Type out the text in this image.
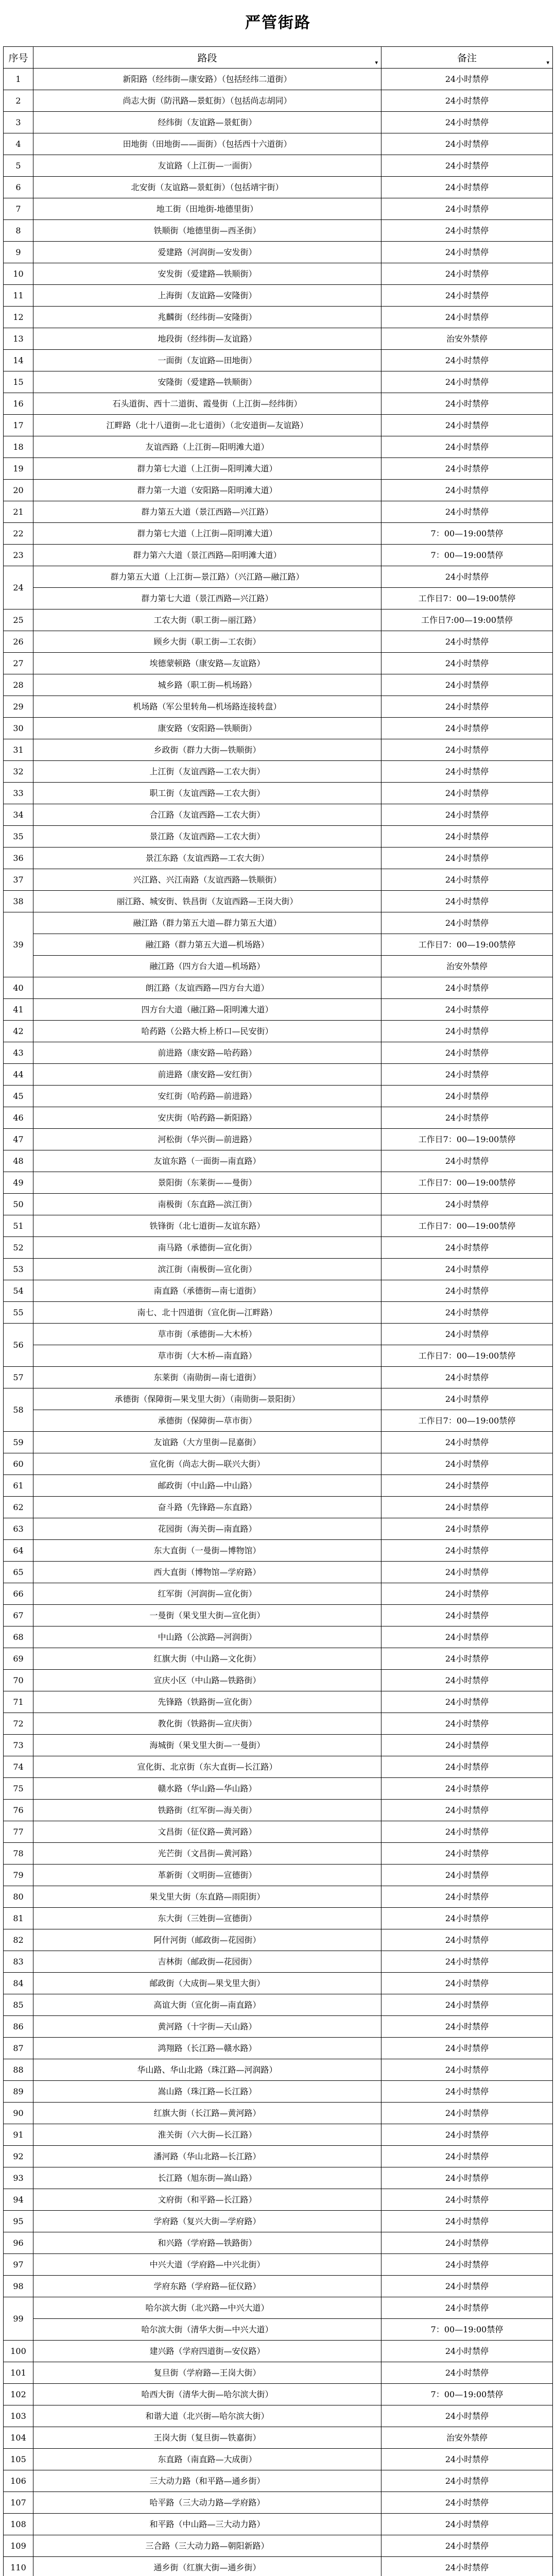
严管街路
序号	路段 ▾	备注 ▾

1	新阳路（经纬街—康安路）（包括经纬二道街）	24小时禁停
2	尚志大街（防汛路—景虹街）（包括尚志胡同）	24小时禁停
3	经纬街（友谊路—景虹街）	24小时禁停
4	田地街（田地街——面街）（包括西十六道街）	24小时禁停
5	友谊路（上江街—一面街）	24小时禁停
6	北安街（友谊路—景虹街）（包括靖宇街）	24小时禁停
7	地工街（田地街-地德里街）	24小时禁停
8	铁顺街（地德里街—西圣街）	24小时禁停
9	爱建路（河润街—安发街）	24小时禁停
10	安发街（爱建路—铁顺街）	24小时禁停
11	上海街（友谊路—安隆街）	24小时禁停
12	兆麟街（经纬街—安隆街）	24小时禁停
13	地段街（经纬街—友谊路）	治安外禁停
14	一面街（友谊路—田地街）	24小时禁停
15	安隆街（爱建路—铁顺街）	24小时禁停
16	石头道街、西十二道街、霞曼街（上江街—经纬街）	24小时禁停
17	江畔路（北十八道街—北七道街）（北安道街—友谊路）	24小时禁停
18	友谊西路（上江街—阳明滩大道）	24小时禁停
19	群力第七大道（上江街—阳明滩大道）	24小时禁停
20	群力第一大道（安阳路—阳明滩大道）	24小时禁停
21	群力第五大道（景江西路—兴江路）	24小时禁停
22	群力第七大道（上江街—阳明滩大道）	7：00—19:00禁停
23	群力第六大道（景江西路—阳明滩大道）	7：00—19:00禁停
24	群力第五大道（上江街—景江路）（兴江路—融江路）	24小时禁停
	群力第七大道（景江西路—兴江路）	工作日7：00—19:00禁停
25	工农大街（职工街—丽江路）	工作日7:00—19:00禁停
26	顾乡大街（职工街—工农街）	24小时禁停
27	埃德蒙顿路（康安路—友谊路）	24小时禁停
28	城乡路（职工街—机场路）	24小时禁停
29	机场路（军公里转角—机场路连接转盘）	24小时禁停
30	康安路（安阳路—铁顺街）	24小时禁停
31	乡政街（群力大街—铁顺街）	24小时禁停
32	上江街（友谊西路—工农大街）	24小时禁停
33	职工街（友谊西路—工农大街）	24小时禁停
34	合江路（友谊西路—工农大街）	24小时禁停
35	景江路（友谊西路—工农大街）	24小时禁停
36	景江东路（友谊西路—工农大街）	24小时禁停
37	兴江路、兴江南路（友谊西路—铁顺街）	24小时禁停
38	丽江路、城安街、铁昌街（友谊西路—王岗大街）	24小时禁停
39	融江路（群力第五大道—群力第五大道）	24小时禁停
	融江路（群力第五大道—机场路）	工作日7：00—19:00禁停
	融江路（四方台大道—机场路）	治安外禁停
40	朗江路（友谊西路—四方台大道）	24小时禁停
41	四方台大道（融江路—阳明滩大道）	24小时禁停
42	哈药路（公路大桥上桥口—民安街）	24小时禁停
43	前进路（康安路—哈药路）	24小时禁停
44	前进路（康安路—安红街）	24小时禁停
45	安红街（哈药路—前进路）	24小时禁停
46	安庆街（哈药路—新阳路）	24小时禁停
47	河松街（华兴街—前进路）	工作日7：00—19:00禁停
48	友谊东路（一面街—南直路）	24小时禁停
49	景阳街（东莱街——曼街）	工作日7：00—19:00禁停
50	南极街（东直路—滨江街）	24小时禁停
51	铁锋街（北七道街—友谊东路）	工作日7：00—19:00禁停
52	南马路（承德街—宣化街）	24小时禁停
53	滨江街（南极街—宣化街）	24小时禁停
54	南直路（承德街—南七道街）	24小时禁停
55	南七、北十四道街（宣化街—江畔路）	24小时禁停
56	草市街（承德街—大木桥）	24小时禁停
	草市街（大木桥—南直路）	工作日7：00—19:00禁停
57	东莱街（南勋街—南七道街）	24小时禁停
58	承德街（保障街—果戈里大街）（南勋街—景阳街）	24小时禁停
	承德街（保障街—草市街）	工作日7：00—19:00禁停
59	友谊路（大方里街—昆嘉街）	24小时禁停
60	宣化街（尚志大街—联兴大街）	24小时禁停
61	邮政街（中山路—中山路）	24小时禁停
62	奋斗路（先锋路—东直路）	24小时禁停
63	花园街（海关街—南直路）	24小时禁停
64	东大直街（一曼街—博物馆）	24小时禁停
65	西大直街（博物馆—学府路）	24小时禁停
66	红军街（河润街—宣化街）	24小时禁停
67	一曼街（果戈里大街—宣化街）	24小时禁停
68	中山路（公滨路—河润街）	24小时禁停
69	红旗大街（中山路—文化街）	24小时禁停
70	宣庆小区（中山路—铁路街）	24小时禁停
71	先锋路（铁路街—宣化街）	24小时禁停
72	教化街（铁路街—宣庆街）	24小时禁停
73	海城街（果戈里大街—一曼街）	24小时禁停
74	宣化街、北京街（东大直街—长江路）	24小时禁停
75	赣水路（华山路—华山路）	24小时禁停
76	铁路街（红军街—海关街）	24小时禁停
77	文昌街（征仪路—黄河路）	24小时禁停
78	光芒街（文昌街—黄河路）	24小时禁停
79	革新街（文明街—宣德街）	24小时禁停
80	果戈里大街（东直路—雨阳街）	24小时禁停
81	东大街（三姓街—宣德街）	24小时禁停
82	阿什河街（邮政街—花园街）	24小时禁停
83	吉林街（邮政街—花园街）	24小时禁停
84	邮政街（大成街—果戈里大街）	24小时禁停
85	高谊大街（宣化街—南直路）	24小时禁停
86	黄河路（十字街—天山路）	24小时禁停
87	鸿翔路（长江路—赣水路）	24小时禁停
88	华山路、华山北路（珠江路—河润路）	24小时禁停
89	嵩山路（珠江路—长江路）	24小时禁停
90	红旗大街（长江路—黄河路）	24小时禁停
91	淮关街（六大街—长江路）	24小时禁停
92	潘河路（华山北路—长江路）	24小时禁停
93	长江路（旭东街—嵩山路）	24小时禁停
94	文府街（和平路—长江路）	24小时禁停
95	学府路（复兴大街—学府路）	24小时禁停
96	和兴路（学府路—铁路街）	24小时禁停
97	中兴大道（学府路—中兴北街）	24小时禁停
98	学府东路（学府路—征仪路）	24小时禁停
99	哈尔滨大街（北兴路—中兴大道）	24小时禁停
	哈尔滨大街（清华大街—中兴大道）	7：00—19:00禁停
100	建兴路（学府四道街—安仪路）	24小时禁停
101	复旦街（学府路—王岗大街）	24小时禁停
102	哈西大街（清华大街—哈尔滨大街）	7：00—19:00禁停
103	和谐大道（北兴街—哈尔滨大街）	24小时禁停
104	王岗大街（复旦街—铁嘉街）	治安外禁停
105	东直路（南直路—大成街）	24小时禁停
106	三大动力路（和平路—通乡街）	24小时禁停
107	哈平路（三大动力路—学府路）	24小时禁停
108	和平路（中山路—三大动力路）	24小时禁停
109	三合路（三大动力路—朝阳新路）	24小时禁停
110	通乡街（红旗大街—通乡街）	24小时禁停
